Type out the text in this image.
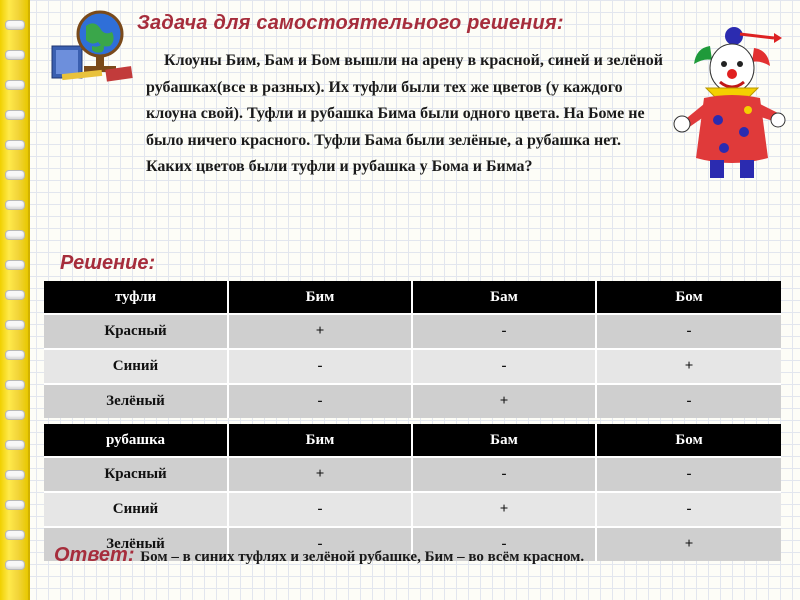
Задача для самостоятельного решения:

Клоуны Бим, Бам и Бом вышли на арену в красной, синей и зелёной рубашках(все в разных). Их туфли были тех же цветов (у каждого клоуна свой). Туфли и рубашка Бима были одного цвета. На Боме не было ничего красного. Туфли Бама были зелёные, а рубашка нет. Каких цветов были туфли и рубашка у Бома и Бима?

Решение:
туфли	Бим	Бам	Бом
Красный	+	-	-
Синий	-	-	+
Зелёный	-	+	-
рубашка	Бим	Бам	Бом
Красный	+	-	-
Синий	-	+	-
Зелёный	-	-	+
Ответ: Бом – в синих туфлях и зелёной рубашке, Бим – во всём красном.
